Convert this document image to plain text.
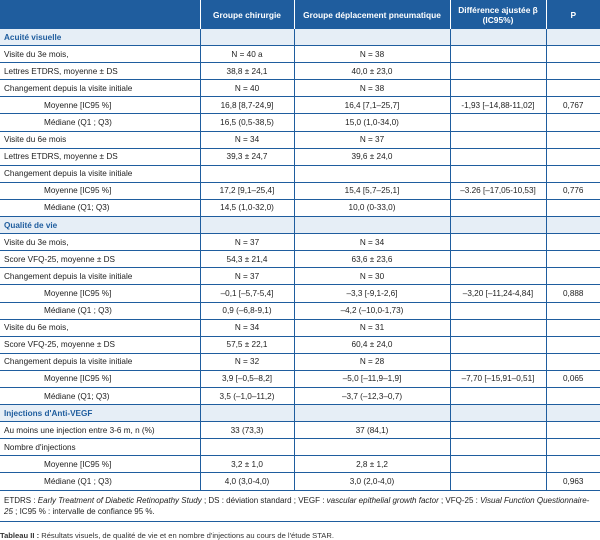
	Groupe chirurgie	Groupe déplacement pneumatique	Différence ajustée β (IC95%)	P
Acuité visuelle				
Visite du 3e mois,	N = 40 a	N = 38		
Lettres ETDRS, moyenne ± DS	38,8 ± 24,1	40,0 ± 23,0		
Changement depuis la visite initiale	N = 40	N = 38		
Moyenne [IC95 %]	16,8 [8,7-24,9]	16,4 [7,1–25,7]	-1,93 [–14,88-11,02]	0,767
Médiane (Q1 ; Q3)	16,5 (0,5-38,5)	15,0 (1,0-34,0)		
Visite du 6e mois	N = 34	N = 37		
Lettres ETDRS, moyenne ± DS	39,3 ± 24,7	39,6 ± 24,0		
Changement depuis la visite initiale				
Moyenne [IC95 %]	17,2 [9,1–25,4]	15,4 [5,7–25,1]	–3.26 [–17,05-10,53]	0,776
Médiane (Q1; Q3)	14,5 (1,0-32,0)	10,0 (0-33,0)		
Qualité de vie				
Visite du 3e mois,	N = 37	N = 34		
Score VFQ-25, moyenne ± DS	54,3 ± 21,4	63,6 ± 23,6		
Changement depuis la visite initiale	N = 37	N = 30		
Moyenne [IC95 %]	–0,1 [–5,7-5,4]	–3,3 [-9,1-2,6]	–3,20 [–11,24-4,84]	0,888
Médiane (Q1 ; Q3)	0,9 (–6,8-9,1)	–4,2 (–10,0-1,73)		
Visite du 6e mois,	N = 34	N = 31		
Score VFQ-25, moyenne ± DS	57,5 ± 22,1	60,4 ± 24,0		
Changement depuis la visite initiale	N = 32	N = 28		
Moyenne [IC95 %]	3,9 [–0,5–8,2]	–5,0 [–11,9–1,9]	–7,70 [–15,91–0,51]	0,065
Médiane (Q1; Q3)	3,5 (–1,0–11,2)	–3,7 (–12,3–0,7)		
Injections d'Anti-VEGF				
Au moins une injection entre 3-6 m, n (%)	33 (73,3)	37 (84,1)		
Nombre d'injections				
Moyenne [IC95 %]	3,2 ± 1,0	2,8 ± 1,2		
Médiane (Q1 ; Q3)	4,0 (3,0-4,0)	3,0 (2,0-4,0)		0,963
ETDRS : Early Treatment of Diabetic Retinopathy Study ; DS : déviation standard ; VEGF : vascular epithelial growth factor ; VFQ-25 : Visual Function Questionnaire-25 ; IC95 % : intervalle de confiance 95 %.
Tableau II : Résultats visuels, de qualité de vie et en nombre d'injections au cours de l'étude STAR.
